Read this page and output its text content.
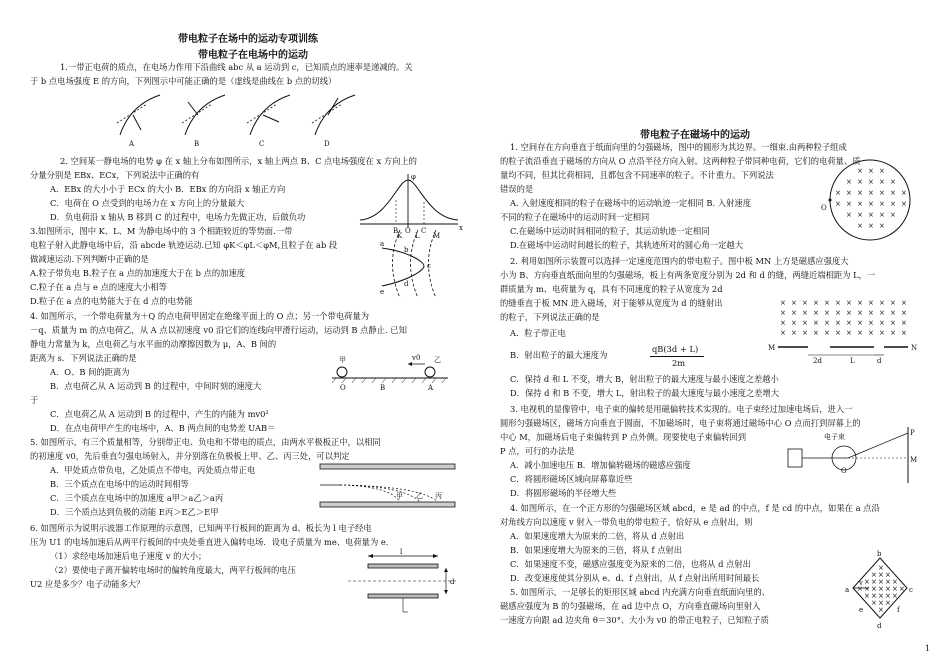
带电粒子在场中的运动专项训练
带电粒子在电场中的运动
1.一带正电荷的质点，在电场力作用下沿曲线 abc 从 a 运动到 c，已知质点的速率是递减的。关
于 b 点电场强度 E 的方向，下列图示中可能正确的是（虚线是曲线在 b 点的切线）
A	B	C	D
2. 空间某一静电场的电势 φ 在 x 轴上分布如图所示，x 轴上两点 B、C 点电场强度在 x 方向上的
分量分别是 EBx、ECx，下列说法中正确的有
A．EBx 的大小小于 ECx 的大小 B．EBx 的方向沿 x 轴正方向
C．电荷在 O 点受到的电场力在 x 方向上的分量最大
D．负电荷沿 x 轴从 B 移到 C 的过程中，电场力先做正功，后做负功
φ
B O C	x
3.如图所示，图中 K、L、M 为静电场中的 3 个相距较近的等势面.一带
电粒子射入此静电场中后，沿 abcde 轨迹运动.已知 φK＜φL＜φM,且粒子在 ab 段
做减速运动.下列判断中正确的是
A.粒子带负电 B.粒子在 a 点的加速度大于在 b 点的加速度
C.粒子在 a 点与 e 点的速度大小相等
D.粒子在 a 点的电势能大于在 d 点的电势能
K L M
a
b
c
d
e
4. 如图所示，一个带电荷量为＋Q 的点电荷甲固定在绝缘平面上的 O 点；另一个带电荷量为
－q、质量为 m 的点电荷乙，从 A 点以初速度 v0 沿它们的连线向甲滑行运动，运动到 B 点静止. 已知
静电力常量为 k，点电荷乙与水平面的动摩擦因数为 μ，A、B 间的
距离为 s．下列说法正确的是
A．O、B 间的距离为
B．点电荷乙从 A 运动到 B 的过程中，中间时刻的速度大
于
C．点电荷乙从 A 运动到 B 的过程中，产生的内能为 mv0²
D．在点电荷甲产生的电场中，A、B 两点间的电势差 UAB＝
甲	乙
v0
O	B	A
5. 如图所示，有三个质量相等，分别带正电、负电和不带电的质点，由两水平极板正中，以相同
的初速度 v0，先后垂直匀强电场射入，并分别落在负极板上甲、乙、丙三处，可以判定
A．甲处质点带负电，乙处质点不带电，丙处质点带正电
B．三个质点在电场中的运动时间相等
C．三个质点在电场中的加速度 a甲＞a乙＞a丙
D．三个质点达到负极的动能 E丙＞E乙＞E甲
甲 乙 丙
6. 如图所示为说明示波器工作原理的示意图，已知两平行板间的距离为 d、板长为 l 电子经电
压为 U1 的电场加速后从两平行板间的中央处垂直进入偏转电场．设电子质量为 me、电荷量为 e．
（1）求经电场加速后电子速度 v 的大小；
（2）要使电子离开偏转电场时的偏转角度最大，两平行板间的电压
U2 应是多少？电子动能多大？
l
d
带电粒子在磁场中的运动
1. 空间存在方向垂直于纸面向里的匀强磁场，图中的圆形为其边界。一细束.由两种粒子组成
的粒子流沿垂直于磁场的方向从 O 点沿半径方向入射。这两种粒子带同种电荷，它们的电荷量、质
量均不同，但其比荷相同，且都包含不同速率的粒子。不计重力。下列说法
错误的是
A. 入射速度相同的粒子在磁场中的运动轨迹一定相同 B. 入射速度
不同的粒子在磁场中的运动时间一定相同
C.在磁场中运动时间相同的粒子，其运动轨迹一定相同
D.在磁场中运动时间越长的粒子，其轨迹所对的圆心角一定越大
× × ×
× × × × ×
× × × × × × ×
× × × × × × ×
× × × × ×
× × ×
O
2. 利用如图所示装置可以选择一定速度范围内的带电粒子。图中板 MN 上方是磁感应强度大
小为 B、方向垂直纸面向里的匀强磁场，板上有两条宽度分别为 2d 和 d 的缝，两缝近端相距为 L，一
群质量为 m、电荷量为 q，具有不同速度的粒子从宽度为 2d
的缝垂直于板 MN 进入磁场，对于能够从宽度为 d 的缝射出
的粒子，下列说法正确的是
A．粒子带正电
B．射出粒子的最大速度为
qB(3d + L)
2m
C．保持 d 和 L 不变，增大 B，射出粒子的最大速度与最小速度之差越小
D．保持 d 和 B 不变，增大 L，射出粒子的最大速度与最小速度之差增大
× × × × × × × × × × × ×
× × × × × × × × × × × ×
× × × × × × × × × × × ×
× × × × × × × × × × × ×
M
2d	L	d
N
3. 电视机的显像管中，电子束的偏转是用磁偏转技术实现的。电子束经过加速电场后，进入一
圆形匀强磁场区，磁场方向垂直于圆面，不加磁场时，电子束将通过磁场中心 O 点而打到屏幕上的
中心 M，加磁场后电子束偏转到 P 点外侧。现要使电子束偏转回到
P 点，可行的办法是
A．减小加速电压 B．增加偏转磁场的磁感应强度
C．将圆形磁场区域向屏幕靠近些
D．将圆形磁场的半径增大些
电子束
O
P
M
4. 如图所示，在一个正方形的匀强磁场区域 abcd，e 是 ad 的中点，f 是 cd 的中点，如果在 a 点沿
对角线方向以速度 v 射入一带负电的带电粒子，恰好从 e 点射出，则
A．如果速度增大为原来的二倍，将从 d 点射出
B．如果速度增大为原来的三倍，将从 f 点射出
C．如果速度不变，磁感应强度变为原来的二倍，也将从 d 点射出
D．改变速度使其分别从 e、d、f 点射出，从 f 点射出所用时间最长
5. 如图所示，一足够长的矩形区域 abcd 内充满方向垂直纸面向里的、
磁感应强度为 B 的匀强磁场，在 ad 边中点 O，方向垂直磁场向里射入
一速度方向跟 ad 边夹角 θ＝30°、大小为 v0 的带正电粒子，已知粒子质
×
× × ×
× × × × ×
× × × × × × ×
× × × × ×
× × ×
×
b
a
v
c
e
d
f
1
